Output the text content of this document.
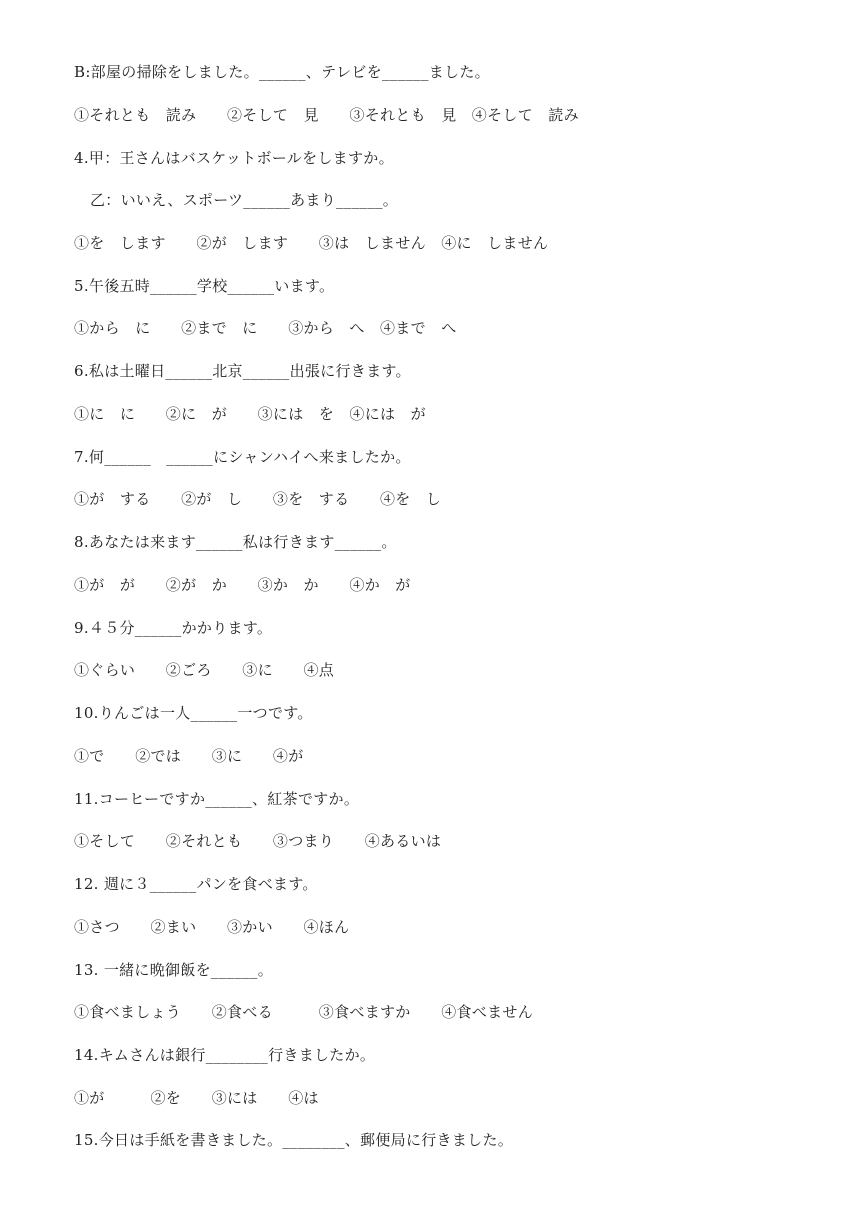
B:部屋の掃除をしました。______、テレビを______ました。
①それとも　読み　　②そして　見　　③それとも　見　④そして　読み
4.甲：王さんはバスケットボールをしますか。
乙：いいえ、スポーツ______あまり______。
①を　します　　②が　します　　③は　しません　④に　しません
5.午後五時______学校______います。
①から　に　　②まで　に　　③から　へ　④まで　へ
6.私は土曜日______北京______出張に行きます。
①に　に　　②に　が　　③には　を　④には　が
7.何______　______にシャンハイへ来ましたか。
①が　する　　②が　し　　③を　する　　④を　し
8.あなたは来ます______私は行きます______。
①が　が　　②が　か　　③か　か　　④か　が
9.４５分______かかります。
①ぐらい　　②ごろ　　③に　　④点
10.りんごは一人______一つです。
①で　　②では　　③に　　④が
11.コーヒーですか______、紅茶ですか。
①そして　　②それとも　　③つまり　　④あるいは
12. 週に３______パンを食べます。
①さつ　　②まい　　③かい　　④ほん
13. 一緒に晩御飯を______。
①食べましょう　　②食べる　　　③食べますか　　④食べません
14.キムさんは銀行________行きましたか。
①が　　　②を　　③には　　④は
15.今日は手紙を書きました。________、郵便局に行きました。
